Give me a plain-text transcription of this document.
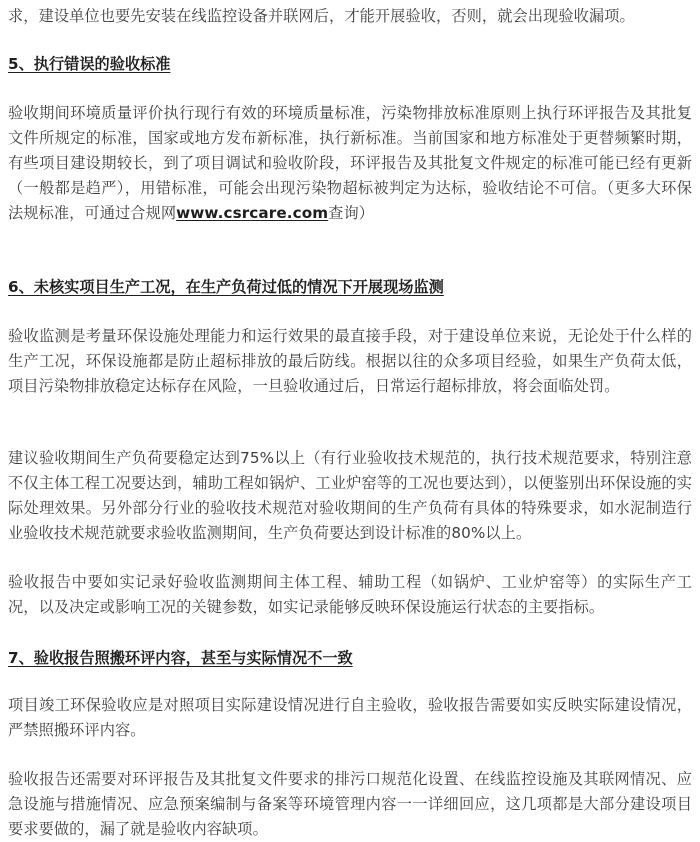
求，建设单位也要先安装在线监控设备并联网后，才能开展验收，否则，就会出现验收漏项。

5、执行错误的验收标准

验收期间环境质量评价执行现行有效的环境质量标准，污染物排放标准原则上执行环评报告及其批复文件所规定的标准，国家或地方发布新标准，执行新标准。当前国家和地方标准处于更替频繁时期，有些项目建设期较长，到了项目调试和验收阶段，环评报告及其批复文件规定的标准可能已经有更新（一般都是趋严），用错标准，可能会出现污染物超标被判定为达标，验收结论不可信。（更多大环保法规标准，可通过合规网www.csrcare.com查询）

6、未核实项目生产工况，在生产负荷过低的情况下开展现场监测

验收监测是考量环保设施处理能力和运行效果的最直接手段，对于建设单位来说，无论处于什么样的生产工况，环保设施都是防止超标排放的最后防线。根据以往的众多项目经验，如果生产负荷太低，项目污染物排放稳定达标存在风险，一旦验收通过后，日常运行超标排放，将会面临处罚。

建议验收期间生产负荷要稳定达到75%以上（有行业验收技术规范的，执行技术规范要求，特别注意不仅主体工程工况要达到，辅助工程如锅炉、工业炉窑等的工况也要达到），以便鉴别出环保设施的实际处理效果。另外部分行业的验收技术规范对验收期间的生产负荷有具体的特殊要求，如水泥制造行业验收技术规范就要求验收监测期间，生产负荷要达到设计标准的80%以上。

验收报告中要如实记录好验收监测期间主体工程、辅助工程（如锅炉、工业炉窑等）的实际生产工况，以及决定或影响工况的关键参数，如实记录能够反映环保设施运行状态的主要指标。

7、验收报告照搬环评内容，甚至与实际情况不一致

项目竣工环保验收应是对照项目实际建设情况进行自主验收，验收报告需要如实反映实际建设情况，严禁照搬环评内容。

验收报告还需要对环评报告及其批复文件要求的排污口规范化设置、在线监控设施及其联网情况、应急设施与措施情况、应急预案编制与备案等环境管理内容一一详细回应，这几项都是大部分建设项目要求要做的，漏了就是验收内容缺项。
